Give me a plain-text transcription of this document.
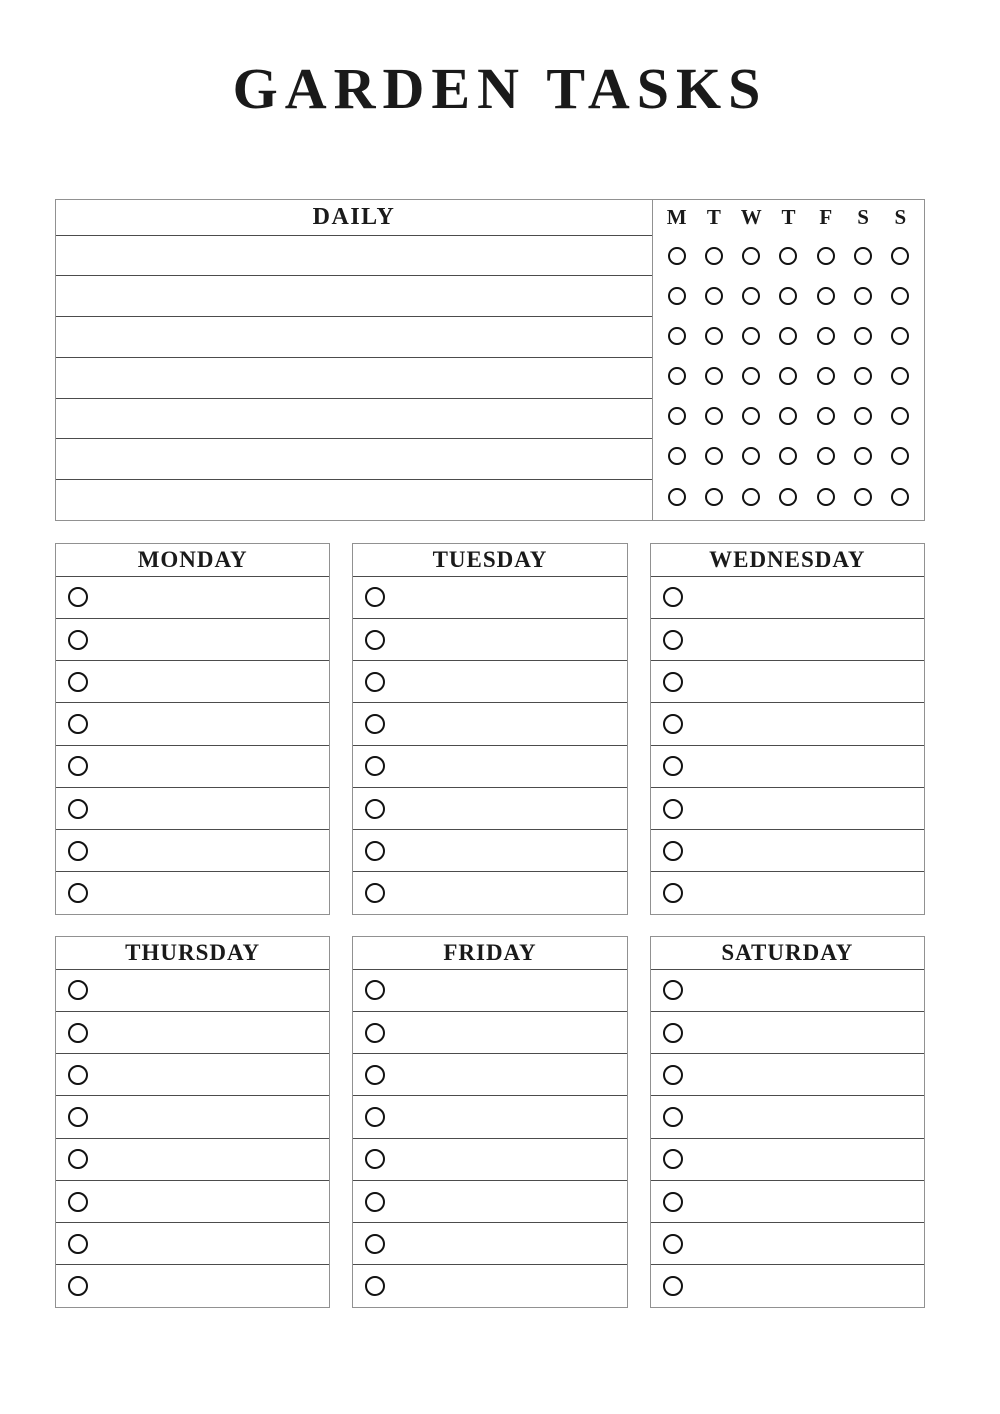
GARDEN TASKS
DAILY	M T W T F S S
MONDAY	TUESDAY	WEDNESDAY
THURSDAY	FRIDAY	SATURDAY
